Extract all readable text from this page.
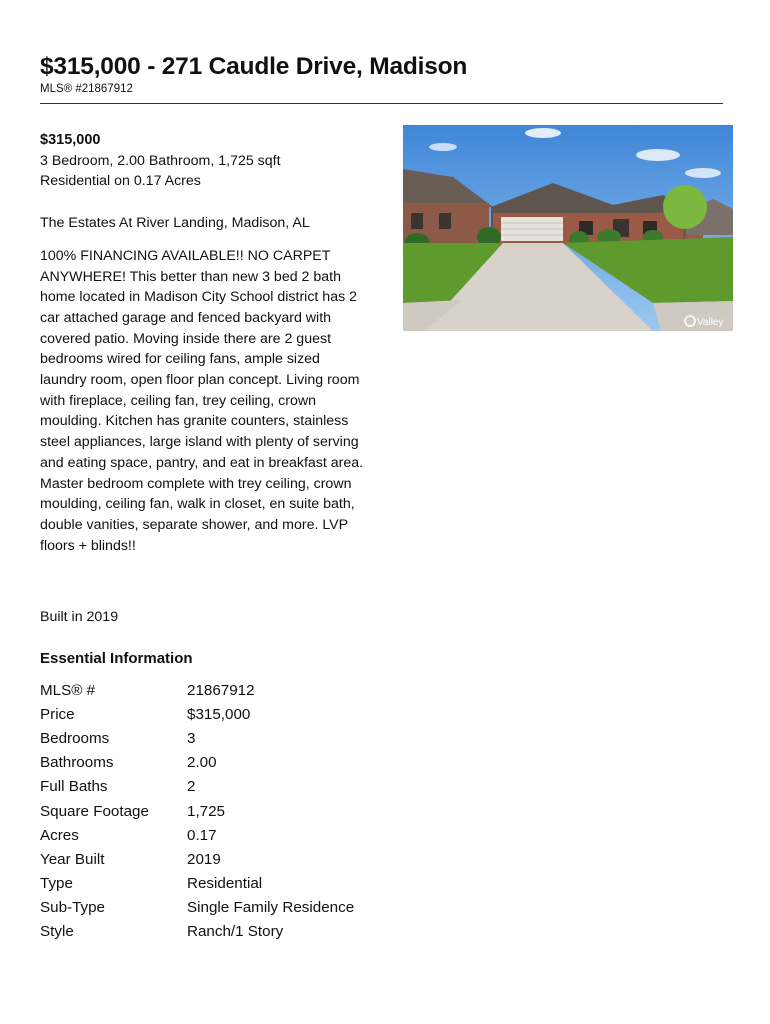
$315,000 - 271 Caudle Drive, Madison
MLS® #21867912

$315,000

3 Bedroom, 2.00 Bathroom, 1,725 sqft

Residential on 0.17 Acres

The Estates At River Landing, Madison, AL

100% FINANCING AVAILABLE!! NO CARPET ANYWHERE! This better than new 3 bed 2 bath home located in Madison City School district has 2 car attached garage and fenced backyard with covered patio. Moving inside there are 2 guest bedrooms wired for ceiling fans, ample sized laundry room, open floor plan concept. Living room with fireplace, ceiling fan, trey ceiling, crown moulding. Kitchen has granite counters, stainless steel appliances, large island with plenty of serving and eating space, pantry, and eat in breakfast area. Master bedroom complete with trey ceiling, crown moulding, ceiling fan, walk in closet, en suite bath, double vanities, separate shower, and more. LVP floors + blinds!!

Built in 2019
Essential Information
MLS® #	21867912
Price	$315,000
Bedrooms	3
Bathrooms	2.00
Full Baths	2
Square Footage	1,725
Acres	0.17
Year Built	2019
Type	Residential
Sub-Type	Single Family Residence
Style	Ranch/1 Story
Valley
